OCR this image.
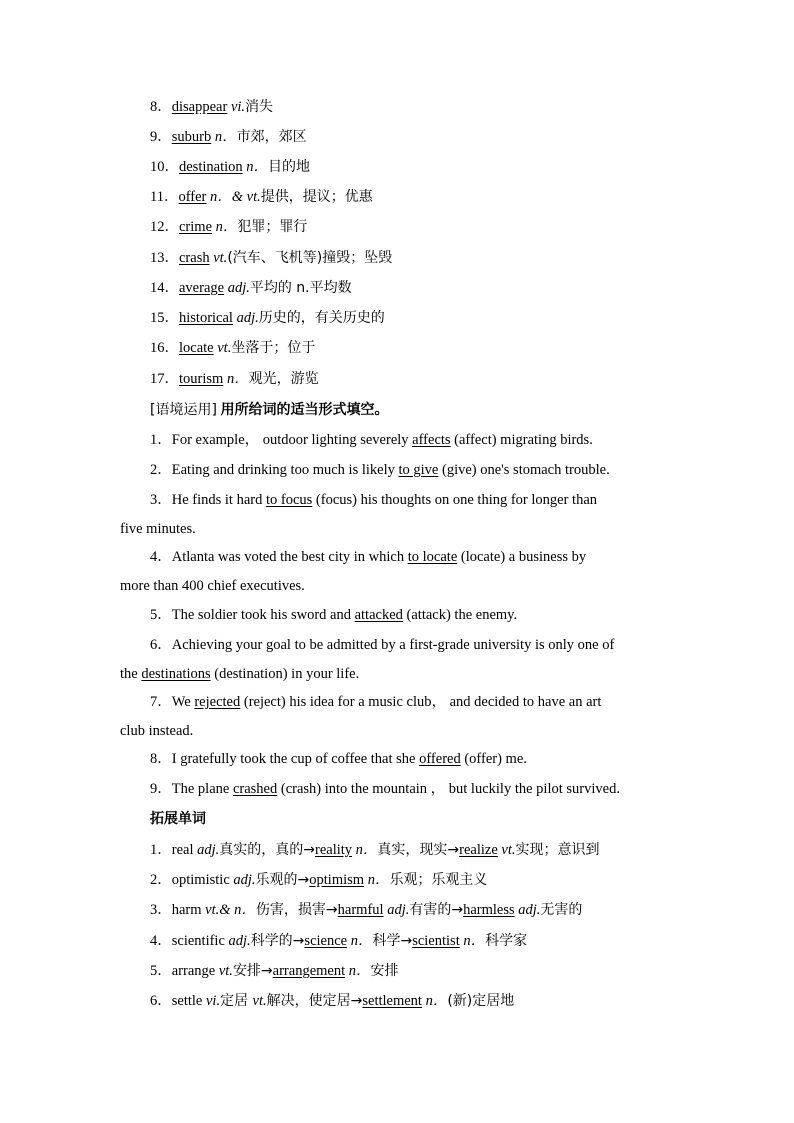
8．disappear vi.消失
9．suburb n．市郊，郊区
10．destination n．目的地
11．offer n．& vt.提供，提议；优惠
12．crime n．犯罪；罪行
13．crash vt.(汽车、飞机等)撞毁；坠毁
14．average adj.平均的 n.平均数
15．historical adj.历史的，有关历史的
16．locate vt.坐落于；位于
17．tourism n．观光，游览
[语境运用] 用所给词的适当形式填空。
1．For example， outdoor lighting severely affects (affect) migrating birds.
2．Eating and drinking too much is likely to give (give) one's stomach trouble.
3．He finds it hard to focus (focus) his thoughts on one thing for longer than
five minutes.
4．Atlanta was voted the best city in which to locate (locate) a business by
more than 400 chief executives.
5．The soldier took his sword and attacked (attack) the enemy.
6．Achieving your goal to be admitted by a first-grade university is only one of
the destinations (destination) in your life.
7．We rejected (reject) his idea for a music club， and decided to have an art
club instead.
8．I gratefully took the cup of coffee that she offered (offer) me.
9．The plane crashed (crash) into the mountain ， but luckily the pilot survived.
拓展单词
1．real adj.真实的，真的→reality n．真实，现实→realize vt.实现；意识到
2．optimistic adj.乐观的→optimism n．乐观；乐观主义
3．harm vt.& n．伤害，损害→harmful adj.有害的→harmless adj.无害的
4．scientific adj.科学的→science n．科学→scientist n．科学家
5．arrange vt.安排→arrangement n．安排
6．settle vi.定居 vt.解决，使定居→settlement n．(新)定居地
